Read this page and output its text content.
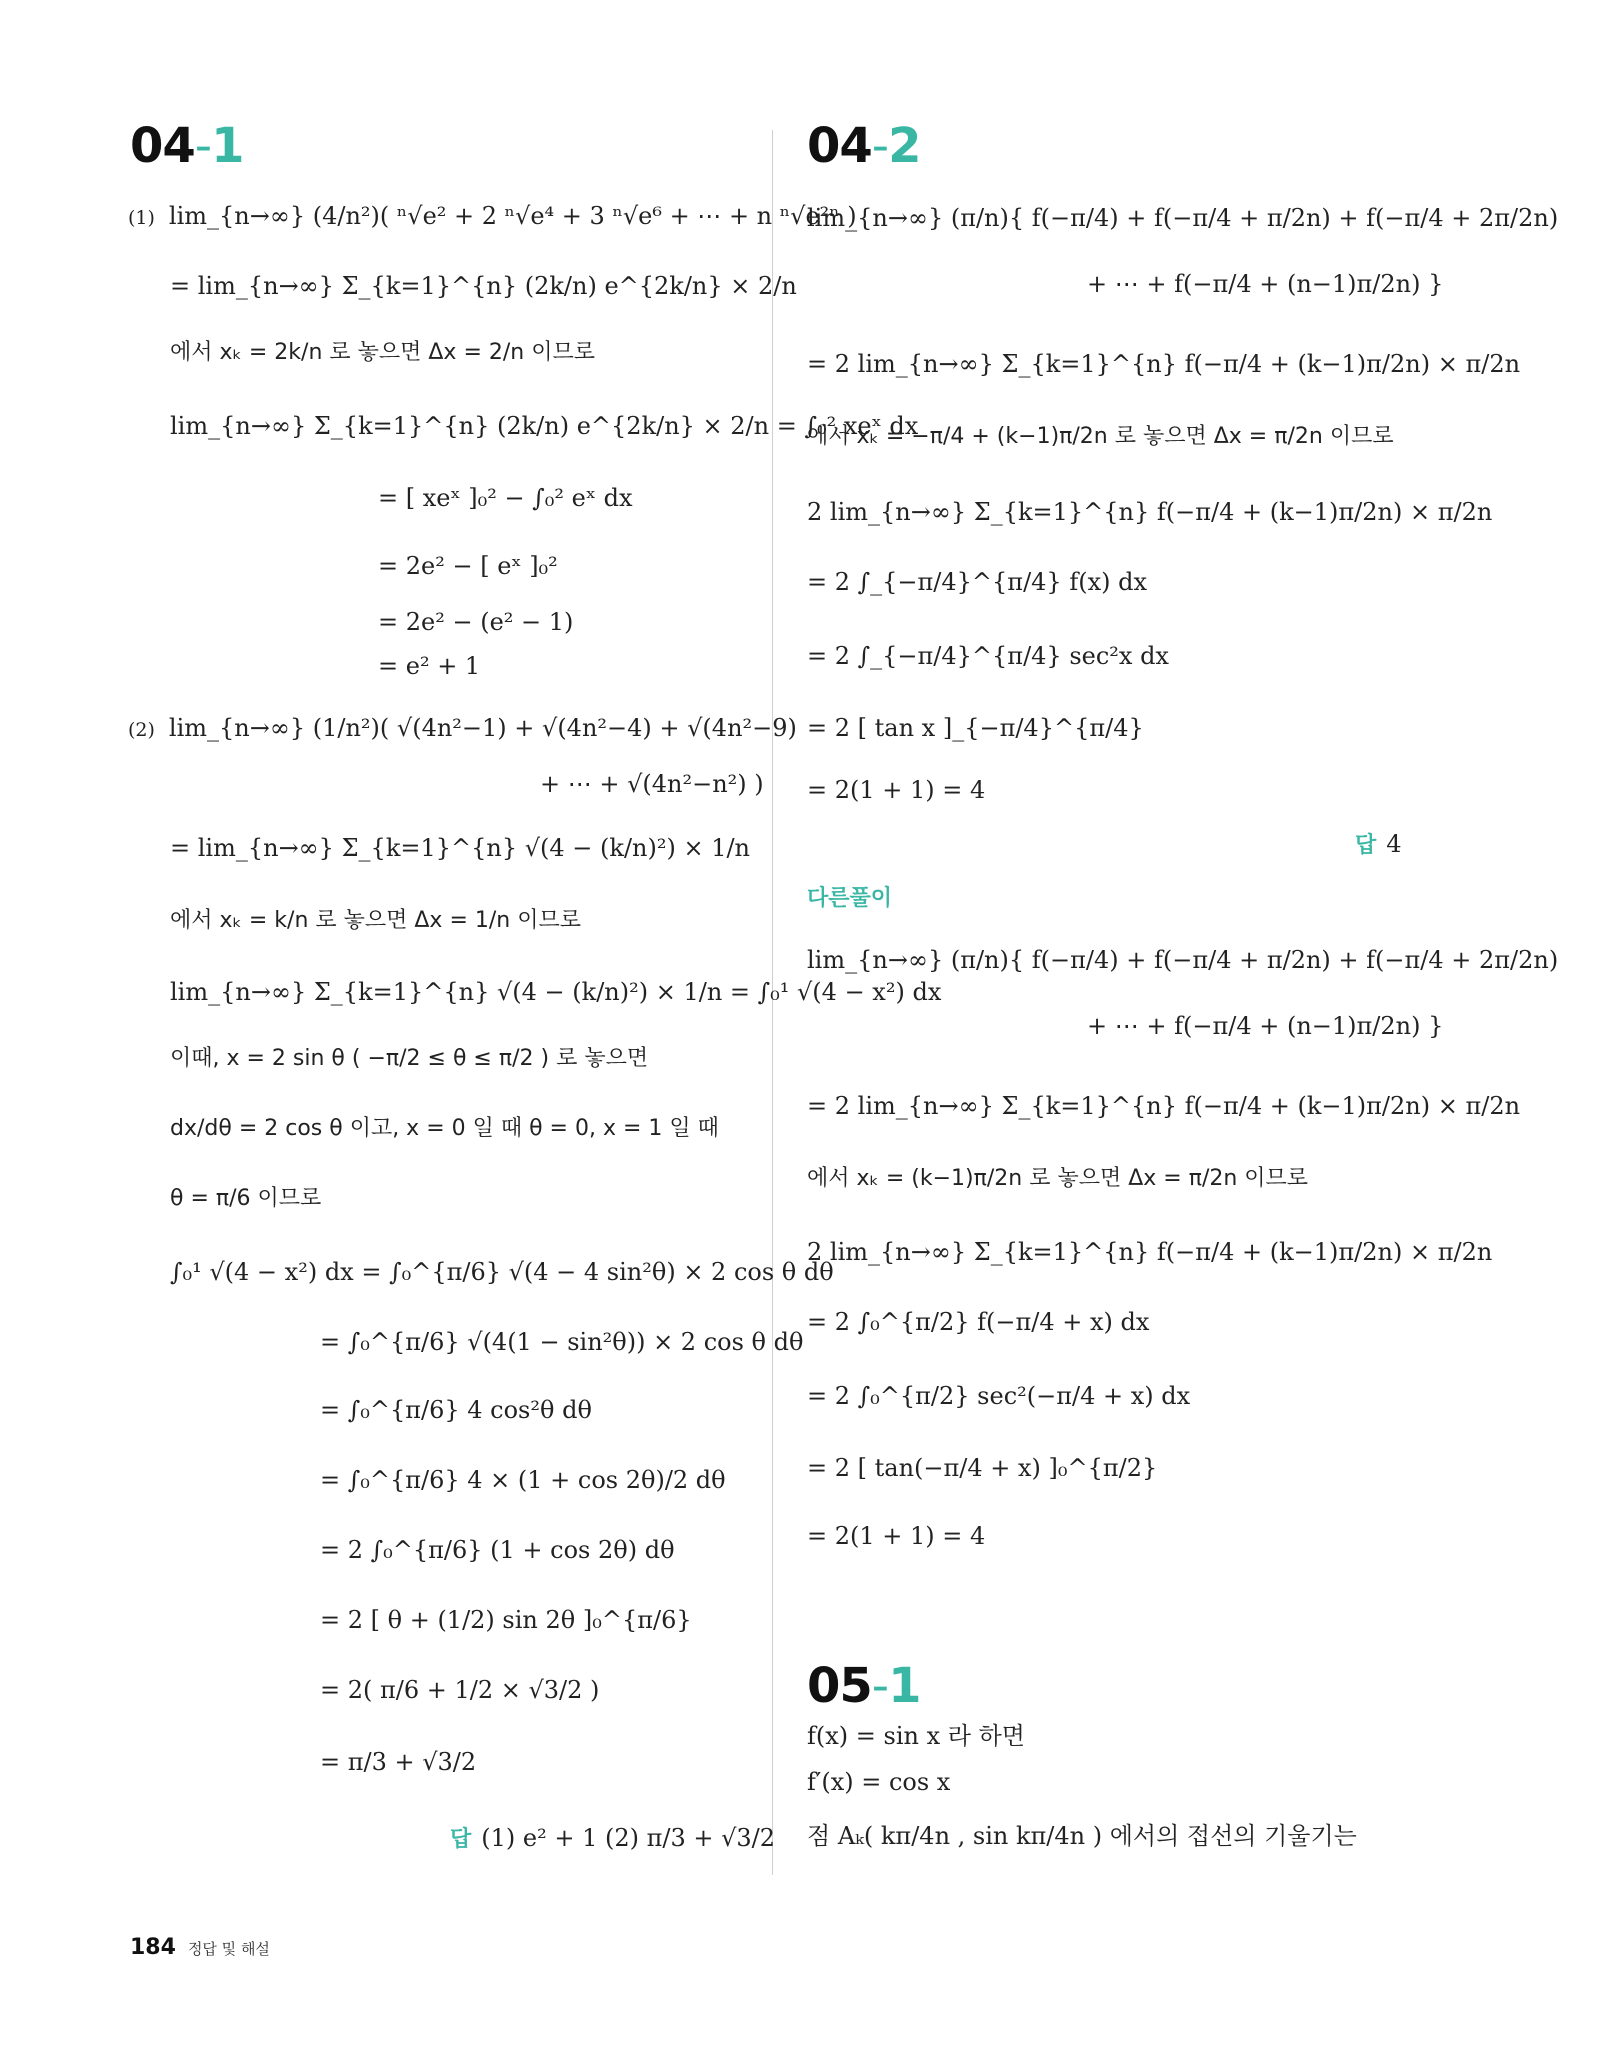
04-1
(1) lim_{n→∞} (4/n²)( ⁿ√e² + 2 ⁿ√e⁴ + 3 ⁿ√e⁶ + ⋯ + n ⁿ√e²ⁿ )
= lim_{n→∞} Σ_{k=1}^{n} (2k/n) e^{2k/n} × 2/n
에서 xₖ = 2k/n 로 놓으면 Δx = 2/n 이므로
lim_{n→∞} Σ_{k=1}^{n} (2k/n) e^{2k/n} × 2/n = ∫₀² xeˣ dx
= [ xeˣ ]₀² − ∫₀² eˣ dx
= 2e² − [ eˣ ]₀²
= 2e² − (e² − 1)
= e² + 1
(2) lim_{n→∞} (1/n²)( √(4n²−1) + √(4n²−4) + √(4n²−9)
+ ⋯ + √(4n²−n²) )
= lim_{n→∞} Σ_{k=1}^{n} √(4 − (k/n)²) × 1/n
에서 xₖ = k/n 로 놓으면 Δx = 1/n 이므로
lim_{n→∞} Σ_{k=1}^{n} √(4 − (k/n)²) × 1/n = ∫₀¹ √(4 − x²) dx
이때, x = 2 sin θ ( −π/2 ≤ θ ≤ π/2 ) 로 놓으면
dx/dθ = 2 cos θ 이고, x = 0 일 때 θ = 0, x = 1 일 때
θ = π/6 이므로
∫₀¹ √(4 − x²) dx = ∫₀^{π/6} √(4 − 4 sin²θ) × 2 cos θ dθ
= ∫₀^{π/6} √(4(1 − sin²θ)) × 2 cos θ dθ
= ∫₀^{π/6} 4 cos²θ dθ
= ∫₀^{π/6} 4 × (1 + cos 2θ)/2 dθ
= 2 ∫₀^{π/6} (1 + cos 2θ) dθ
= 2 [ θ + (1/2) sin 2θ ]₀^{π/6}
= 2( π/6 + 1/2 × √3/2 )
= π/3 + √3/2
답 (1) e² + 1 (2) π/3 + √3/2
04-2
lim_{n→∞} (π/n){ f(−π/4) + f(−π/4 + π/2n) + f(−π/4 + 2π/2n)
+ ⋯ + f(−π/4 + (n−1)π/2n) }
= 2 lim_{n→∞} Σ_{k=1}^{n} f(−π/4 + (k−1)π/2n) × π/2n
에서 xₖ = −π/4 + (k−1)π/2n 로 놓으면 Δx = π/2n 이므로
2 lim_{n→∞} Σ_{k=1}^{n} f(−π/4 + (k−1)π/2n) × π/2n
= 2 ∫_{−π/4}^{π/4} f(x) dx
= 2 ∫_{−π/4}^{π/4} sec²x dx
= 2 [ tan x ]_{−π/4}^{π/4}
= 2(1 + 1) = 4
답 4
다른풀이
lim_{n→∞} (π/n){ f(−π/4) + f(−π/4 + π/2n) + f(−π/4 + 2π/2n)
+ ⋯ + f(−π/4 + (n−1)π/2n) }
= 2 lim_{n→∞} Σ_{k=1}^{n} f(−π/4 + (k−1)π/2n) × π/2n
에서 xₖ = (k−1)π/2n 로 놓으면 Δx = π/2n 이므로
2 lim_{n→∞} Σ_{k=1}^{n} f(−π/4 + (k−1)π/2n) × π/2n
= 2 ∫₀^{π/2} f(−π/4 + x) dx
= 2 ∫₀^{π/2} sec²(−π/4 + x) dx
= 2 [ tan(−π/4 + x) ]₀^{π/2}
= 2(1 + 1) = 4
05-1
f(x) = sin x 라 하면
f′(x) = cos x
점 Aₖ( kπ/4n , sin kπ/4n ) 에서의 접선의 기울기는
184 정답 및 해설
